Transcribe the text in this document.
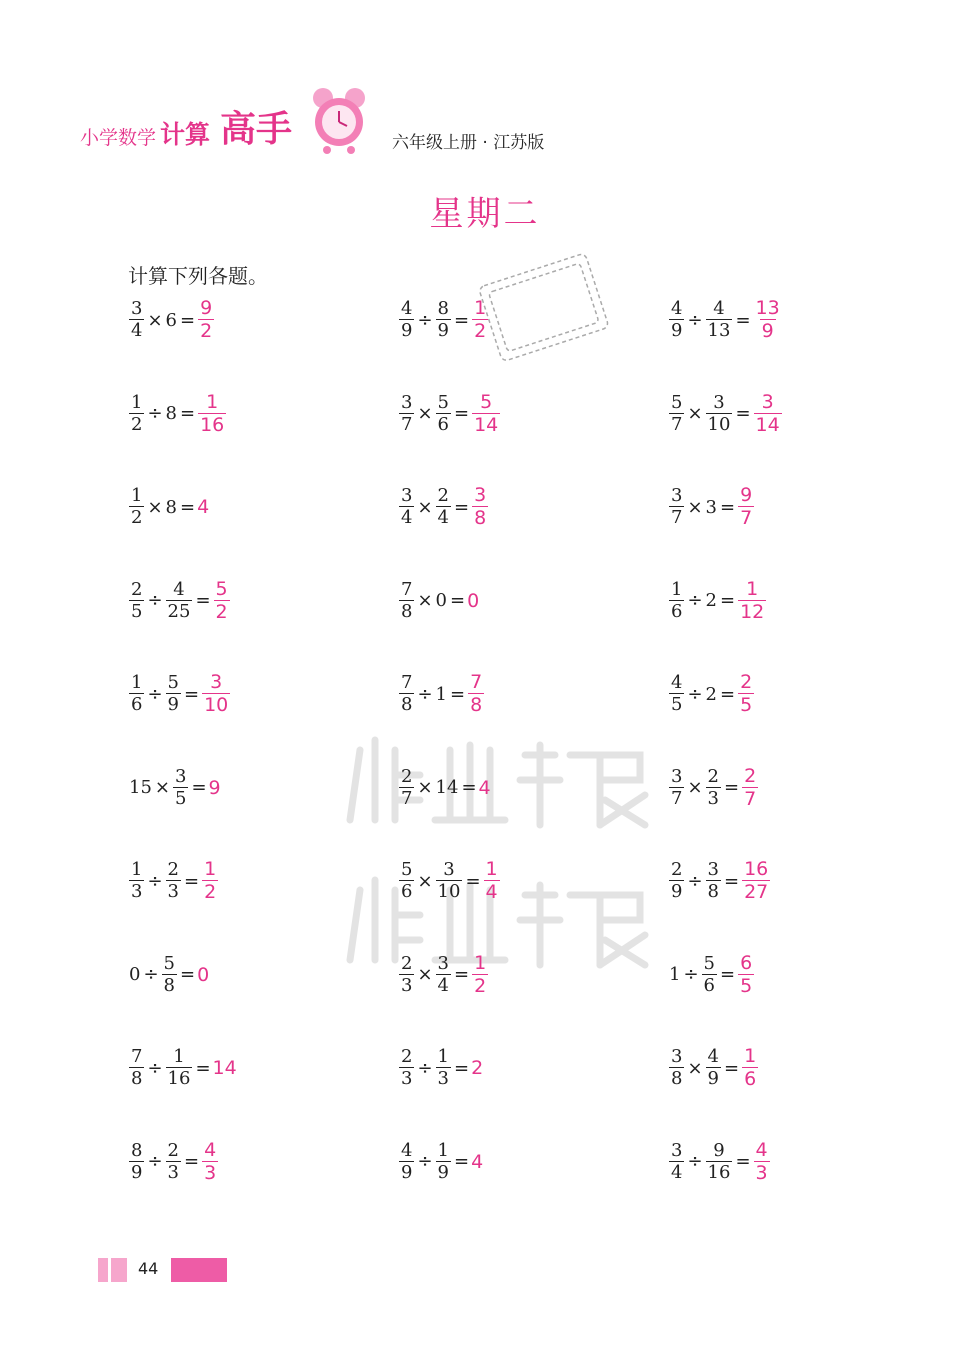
小学数学 计算 高手	六年级上册 · 江苏版
星期二
计算下列各题。
$\frac{3}{4} \times 6 = \frac{9}{2}$	$\frac{4}{9} \div \frac{8}{9} = \frac{1}{2}$	$\frac{4}{9} \div \frac{4}{13} = \frac{13}{9}$
$\frac{1}{2} \div 8 = \frac{1}{16}$	$\frac{3}{7} \times \frac{5}{6} = \frac{5}{14}$	$\frac{5}{7} \times \frac{3}{10} = \frac{3}{14}$
$\frac{1}{2} \times 8 = 4$	$\frac{3}{4} \times \frac{2}{4} = \frac{3}{8}$	$\frac{3}{7} \times 3 = \frac{9}{7}$
$\frac{2}{5} \div \frac{4}{25} = \frac{5}{2}$	$\frac{7}{8} \times 0 = 0$	$\frac{1}{6} \div 2 = \frac{1}{12}$
$\frac{1}{6} \div \frac{5}{9} = \frac{3}{10}$	$\frac{7}{8} \div 1 = \frac{7}{8}$	$\frac{4}{5} \div 2 = \frac{2}{5}$
$15 \times \frac{3}{5} = 9$	$\frac{2}{7} \times 14 = 4$	$\frac{3}{7} \times \frac{2}{3} = \frac{2}{7}$
$\frac{1}{3} \div \frac{2}{3} = \frac{1}{2}$	$\frac{5}{6} \times \frac{3}{10} = \frac{1}{4}$	$\frac{2}{9} \div \frac{3}{8} = \frac{16}{27}$
$0 \div \frac{5}{8} = 0$	$\frac{2}{3} \times \frac{3}{4} = \frac{1}{2}$	$1 \div \frac{5}{6} = \frac{6}{5}$
$\frac{7}{8} \div \frac{1}{16} = 14$	$\frac{2}{3} \div \frac{1}{3} = 2$	$\frac{3}{8} \times \frac{4}{9} = \frac{1}{6}$
$\frac{8}{9} \div \frac{2}{3} = \frac{4}{3}$	$\frac{4}{9} \div \frac{1}{9} = 4$	$\frac{3}{4} \div \frac{9}{16} = \frac{4}{3}$
44
